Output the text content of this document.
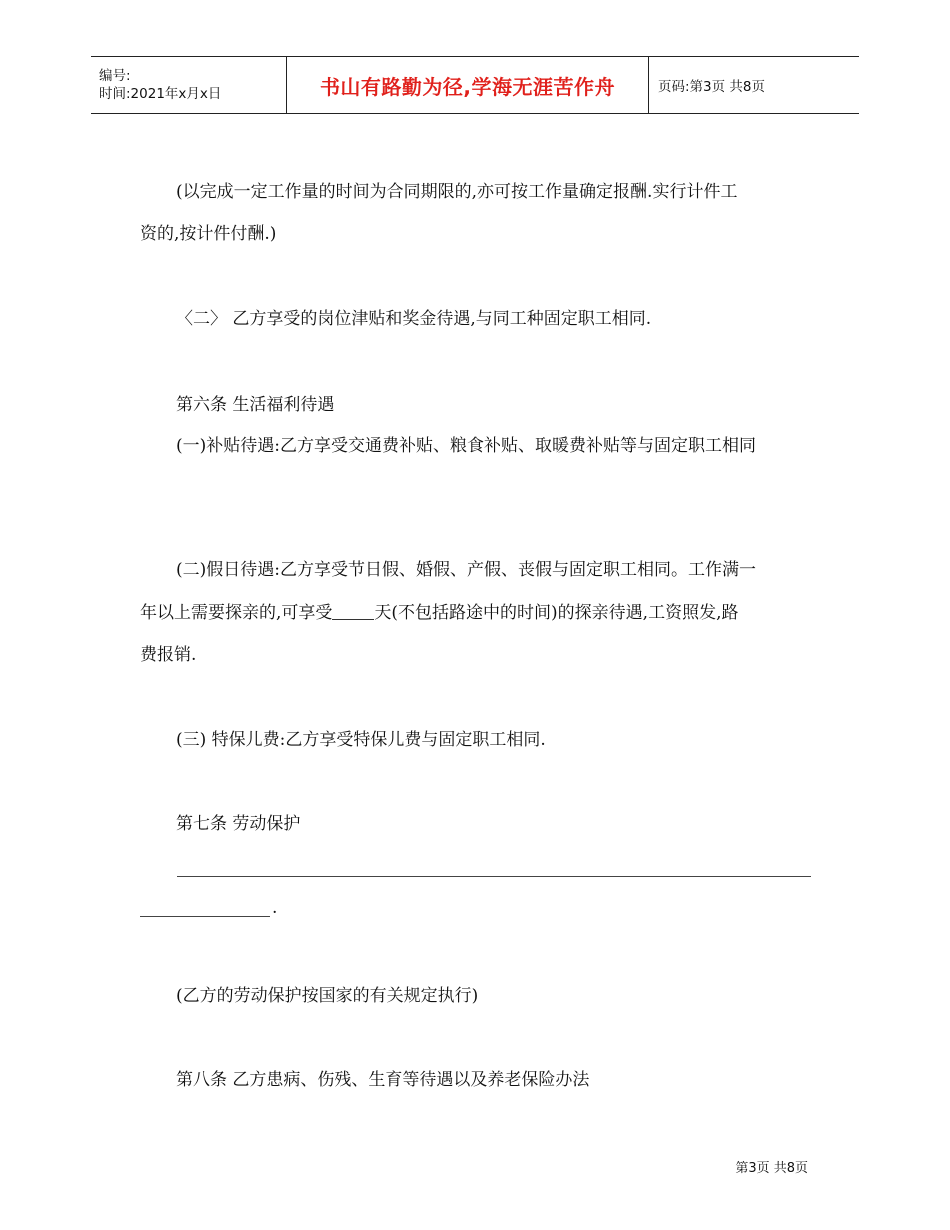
编号:
时间:2021年x月x日	书山有路勤为径,学海无涯苦作舟	页码:第3页 共8页
(以完成一定工作量的时间为合同期限的,亦可按工作量确定报酬.实行计件工
资的,按计件付酬.)
〈二〉 乙方享受的岗位津贴和奖金待遇,与同工种固定职工相同.
第六条 生活福利待遇
(一)补贴待遇:乙方享受交通费补贴、粮食补贴、取暖费补贴等与固定职工相同
(二)假日待遇:乙方享受节日假、婚假、产假、丧假与固定职工相同。工作满一
年以上需要探亲的,可享受 天(不包括路途中的时间)的探亲待遇,工资照发,路
费报销.
(三) 特保儿费:乙方享受特保儿费与固定职工相同.
第七条 劳动保护
.
(乙方的劳动保护按国家的有关规定执行)
第八条 乙方患病、伤残、生育等待遇以及养老保险办法
第3页 共8页
